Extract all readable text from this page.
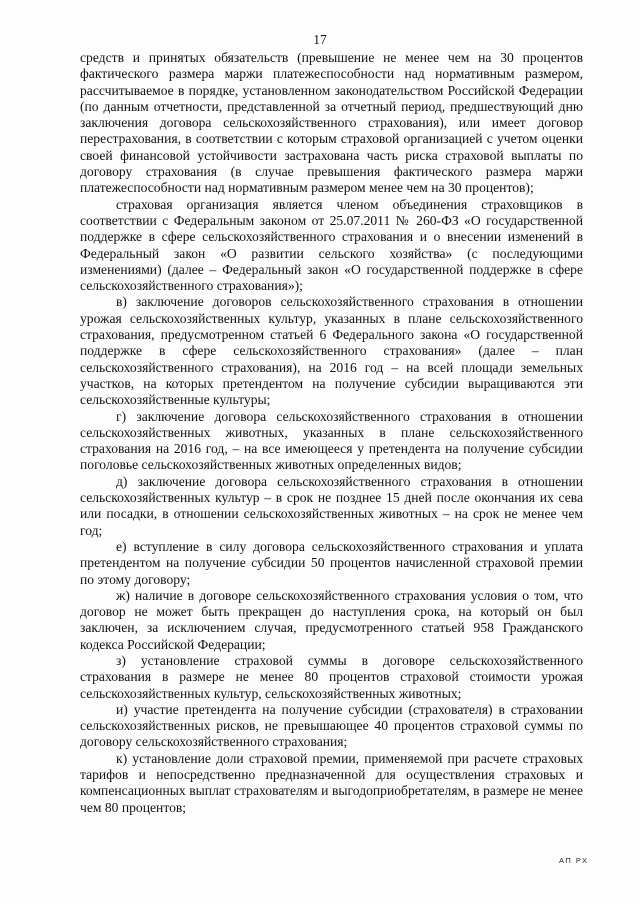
17

средств и принятых обязательств (превышение не менее чем на 30 процентов фактического размера маржи платежеспособности над нормативным размером, рассчитываемое в порядке, установленном законодательством Российской Федерации (по данным отчетности, представленной за отчетный период, предшествующий дню заключения договора сельскохозяйственного страхования), или имеет договор перестрахования, в соответствии с которым страховой организацией с учетом оценки своей финансовой устойчивости застрахована часть риска страховой выплаты по договору страхования (в случае превышения фактического размера маржи платежеспособности над нормативным размером менее чем на 30 процентов);

страховая организация является членом объединения страховщиков в соответствии с Федеральным законом от 25.07.2011 № 260-ФЗ «О государственной поддержке в сфере сельскохозяйственного страхования и о внесении изменений в Федеральный закон «О развитии сельского хозяйства» (с последующими изменениями) (далее – Федеральный закон «О государственной поддержке в сфере сельскохозяйственного страхования»);

в) заключение договоров сельскохозяйственного страхования в отношении урожая сельскохозяйственных культур, указанных в плане сельскохозяйственного страхования, предусмотренном статьей 6 Федерального закона «О государственной поддержке в сфере сельскохозяйственного страхования» (далее – план сельскохозяйственного страхования), на 2016 год – на всей площади земельных участков, на которых претендентом на получение субсидии выращиваются эти сельскохозяйственные культуры;

г) заключение договора сельскохозяйственного страхования в отношении сельскохозяйственных животных, указанных в плане сельскохозяйственного страхования на 2016 год, – на все имеющееся у претендента на получение субсидии поголовье сельскохозяйственных животных определенных видов;

д) заключение договора сельскохозяйственного страхования в отношении сельскохозяйственных культур – в срок не позднее 15 дней после окончания их сева или посадки, в отношении сельскохозяйственных животных – на срок не менее чем год;

е) вступление в силу договора сельскохозяйственного страхования и уплата претендентом на получение субсидии 50 процентов начисленной страховой премии по этому договору;

ж) наличие в договоре сельскохозяйственного страхования условия о том, что договор не может быть прекращен до наступления срока, на который он был заключен, за исключением случая, предусмотренного статьей 958 Гражданского кодекса Российской Федерации;

з) установление страховой суммы в договоре сельскохозяйственного страхования в размере не менее 80 процентов страховой стоимости урожая сельскохозяйственных культур, сельскохозяйственных животных;

и) участие претендента на получение субсидии (страхователя) в страховании сельскохозяйственных рисков, не превышающее 40 процентов страховой суммы по договору сельскохозяйственного страхования;

к) установление доли страховой премии, применяемой при расчете страховых тарифов и непосредственно предназначенной для осуществления страховых и компенсационных выплат страхователям и выгодоприобретателям, в размере не менее чем 80 процентов;

АП РХ
